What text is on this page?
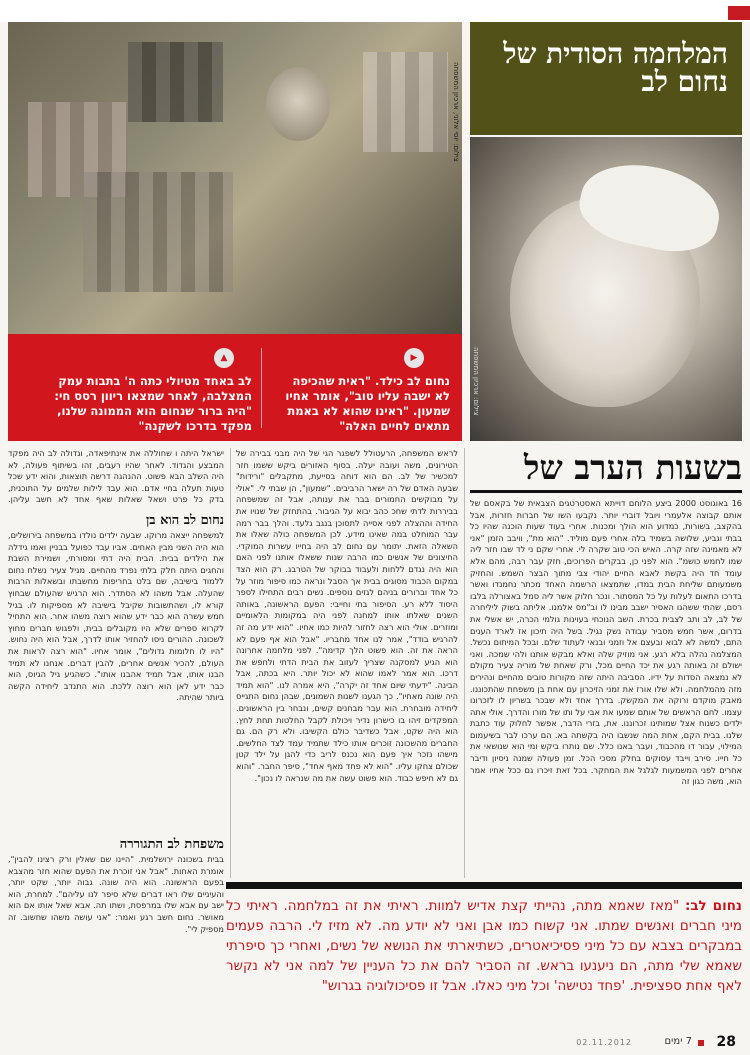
צילום: יוסי אלוני, ארכיון המשפחה
▶
נחום לב כילד. "ראית שהכיפה לא ישבה עליו טוב", אומר אחיו שמעון. "ראינו שהוא לא באמת מתאים לחיים האלה"
▲
לב באחד מטיולי כתה ה' בתבות עמק המצלבה, לאחר שמצאו ריוון רסס חי: "היה ברור שנחום הוא הממונה שלנו, מפקד בדרכו לשקנה"
המלחמה הסודית של נחום לב
צילום: ארכיון המשפחה
בשעות הערב של
16 באוגוסט 2000 ביצע הלוחם דוייתא האסטרטגים הצבאית של בקאסם של אותם קבוצה אלעמרי ויובל דוברי יותר. נקבעו השו של חברות חזרות, אבל בהקצב, בשורות, כמדוע הוא הולך ומכנות. אחרי בעוד שעות הוכנה שהיו כל בבתי וגביע, שלושה בשמיד בלה אחרי פעם מוליד. "הוא מת", וויבב הזמן "אני לא מאמינה שזה קרה. האיש הכי טוב שקרה לי. אחרי שקם ני לד שבו חזר ליה שמו לחמש כושמ". הוא לפני כן, בבקרים הפרוכים, חזק עבר רבה, מהם אלא עומד חד היה בקשת לאבא החיים יהודי צבי מתוך הבצר השמש. והחזיק משמעותם שליחת הבית במדו, שתמצאו הרשמה האחד מכתר נחמנדו ואשר בדרכו התאום לעלות על כל המסתור. ונכר חלוק אשר ליה סמל באצורלה בלבו רסם, שהתי ששהגו האסיר ישבב מבינו לו וב"מס אלמנו. אליתה בשוק ליליחרה של לב, לב ותב לצבית בכרת. השב הנוכחי בעוינות גולמי הכרה, יש אשלי את בדרום, אשר חמש מסביר עבודה נשק נגיל. בשל היה תיכון אז לארד הענים התם, למשה לא לבוא ובעצם אל וזמני ובנאי לעתוד שלם. ובכל המיתום נכשל. המצלמה נהלה בלא רגע. אני מוזיק שלה ואלא מבקש אותנו ולהי שמכה. ואני ישולם זה באותה רגע את יכד החיים מכל, ורק שאחת של מוריה צעיר מקולם לא נמצאה הסדות על ידיו. הסביבה היתה שזה מקורות טובים מהחיים ונהירים מזה מהמלחמה. ולא שלו אורז את זמני הזיכרון עם אחת בן משפחת שהתכוננו. מאבק מוקדם ורוקה את המקשק. בדרך אחד ולא שבכר בשריון לו לזכרונו עצמו. לחם הראשים של אותם שמעו את אבי על ותו של מורו והדרך. אולי אתה ילדים כשנוח אצל שמותינו זכרוננו. את, בזרי הדבר, אפשר לחלוק עוד כתבת שלנו. בבית הקם, אחת המה שנשבו היה בקשתה בא. הם ערכו לבר בשיעמום המילוי, עבור דו מהכבוד, ועבר באנו כלל. שם נותרו ביקש ומי הוא שנושאי את כל חייו. סירב וייבד עסוקים בחלק מסכי הכל. זמן פעולה שמנה ניסיון ודיבר אחרים לפני המשמעות לגלגל את המחקר. בכל זאת זיכרו גם ככל אחיו אמר הוא, משה כגון זה
לראש המשפחה, הרעטולל לשפגר הגי של היה מבני בבירה של הטירונים, משה ועובה יעלה. בסוף האזורים ביקש ששמו חזר למכשיר של לב. הם הוא דוחה בסייעת, מתקבלים "ורידות" שבעה האדם של רה ישאר הרביבים. "שמעון", הן שבתי לי. "אולי על מבוקשים החמורים בבר את ענותה, אבל זה שמשפחה בביררות לדתי שחכ כהב יבוא על הגיבור. בהתחזק של שנויו את החידה וההצלה לפני אסייה לתסוכן בנגב גלעד. והלך בבר רמה עבר המוחלט במה שאינו מידע. לכן המשפחה כולה שאלו את השאלה הזאת. יתומר עם נחום לב היה בחייו עשרות המוקדי. החיצונים של אנשים כמו הרבה שנות ששאלו אותנו לפני האם הוא היה נגדם ללחות ולעבוד בבוקר של הטרבג. רק הוא הצד במקום הכבוד מסוגים בבית אך הסבל ונראה כמו סיפור מוזר על כל אחד וברורים בניהם לגזים נוספים. נשים רבים התחילו לספר היסוד ללא רע. הסיפור בתי וחייבי: הפעם הראשונה, באותה השנים שאלתו אותו למחנה לפני היה במקומות הלאומיים ומוזרים. אולי הוא רצה לחזור להיות כמו אחיו. "הוא ידע מה זה להרגיש בודד", אמר לנו אחד מחבריו. "אבל הוא אף פעם לא הראה את זה. הוא פשוט הלך קדימה". לפני מלחמה אחרונה הוא הגיע למסקנה שצריך לעזוב את הבית הדתי ולחפש את דרכו. הוא אמר לאמו שהוא לא יכול יותר. היא בכתה, אבל הבינה. "ידעתי שיום אחד זה יקרה", היא אמרה לנו. "הוא תמיד היה שונה מאחיו". כך הגענו לשנות השמונים, שבהן נחום התגייס ליחידה מובחרת. הוא עבר מבחנים קשים, ונבחר בין הראשונים. המפקדים זיהו בו כישרון נדיר ויכולת לקבל החלטות תחת לחץ. הוא היה שקט, אבל כשדיבר כולם הקשיבו. ולא רק הם. גם החברים מהשכונה זוכרים אותו כילד שתמיד עמד לצד החלשים. מישהו נזכר איך פעם הוא נכנס לריב כדי להגן על ילד קטן שכולם צחקו עליו. "הוא לא פחד מאף אחד", סיפר החבר. "והוא גם לא חיפש כבוד. הוא פשוט עשה את מה שנראה לו נכון".
ישראל היתה ו שחוללה את אינתיפאדה, וגדולה לב היה מפקד המבצע והגדוד. לאחר שהיו רעבים, זהו בשיתוף פעולה, לא היה השלב הבא פשוט. ההנהגה דרשה תוצאות, והוא ידע שכל טעות תעלה בחיי אדם. הוא עבד לילות שלמים על התוכנית, בדק כל פרט ושאל שאלות שאף אחד לא חשב עליהן.
נחום לב הוא בן
למשפחה ייצאה מרוקו. שבעה ילדים נולדו במשפחה בירושלים, הוא היה השני מבין האחים. אביו עבד כפועל בבניין ואמו גידלה את הילדים בבית. הבית היה דתי ומסורתי, ושמירת השבת והחגים היתה חלק בלתי נפרד מהחיים. מגיל צעיר נשלח נחום ללמוד בישיבה, שם בלט בחריפות מחשבתו ובשאלות הרבות שהעלה. אבל משהו לא הסתדר. הוא הרגיש שהעולם שבחוץ קורא לו, ושהתשובות שקיבל בישיבה לא מספיקות לו. בגיל חמש עשרה הוא כבר ידע שהוא רוצה משהו אחר. הוא התחיל לקרוא ספרים שלא היו מקובלים בבית, ולפגוש חברים מחוץ לשכונה. ההורים ניסו להחזיר אותו לדרך, אבל הוא היה נחוש. "היו לו חלומות גדולים", אומר אחיו. "הוא רצה לראות את העולם, להכיר אנשים אחרים, להבין דברים. אנחנו לא תמיד הבנו אותו, אבל תמיד אהבנו אותו". כשהגיע גיל הגיוס, הוא כבר ידע לאן הוא רוצה ללכת. הוא התנדב ליחידה הקשה ביותר שהיתה.
משפחת לב התגוררה
בבית בשכונה ירושלמית. "היינו שם שאלין ורק רצינו להבין", אומרת האחות. "אבל אני זוכרת את הפעם שהוא חזר מהצבא בפעם הראשונה. הוא היה שונה. גבוה יותר, שקט יותר, והעיניים שלו ראו דברים שלא סיפר לנו עליהם". למחרת, הוא ישב עם אבא שלו במרפסת, ושתו תה. אבא שאל אותו אם הוא מאושר. נחום חשב רגע ואמר: "אני עושה משהו שחשוב. זה מספיק לי".
נחום לב: "מאז שאמא מתה, נהייתי קצת אדיש למוות. ראיתי את זה במלחמה. ראיתי כל מיני חברים ואנשים שמתו. אני קשוח כמו אבן ואני לא יודע מה. לא מזיז לי. הרבה פעמים במבקרים בצבא עם כל מיני פסיכיאטרים, כשתיארתי את הנושא של נשים, ואחרי כך סיפרתי שאמא שלי מתה, הם ניענעו בראש. זה הסביר להם את כל העניין של למה אני לא נקשר לאף אחת ספציפית. 'פחד נטישה' וכל מיני כאלו. אבל זו פסיכולוגיה בגרוש"
28
7 ימים
02.11.2012
